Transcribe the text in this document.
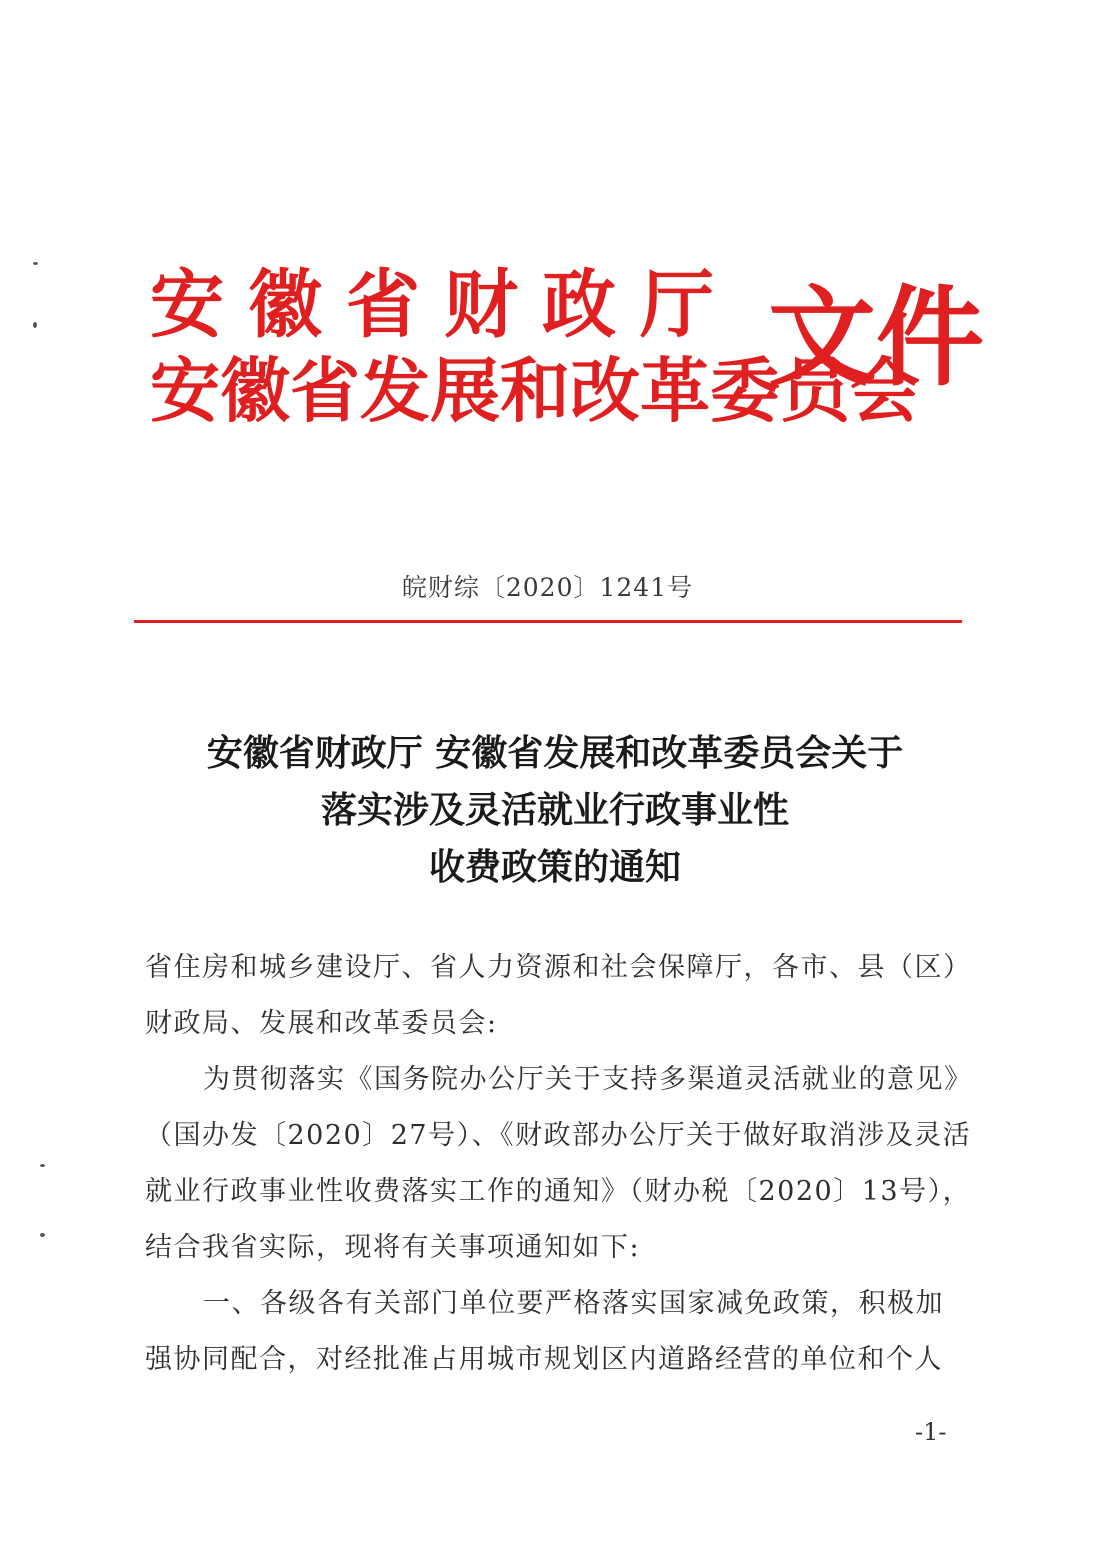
安徽省财政厅
安徽省发展和改革委员会
文件
皖财综〔2020〕1241号
安徽省财政厅 安徽省发展和改革委员会关于
落实涉及灵活就业行政事业性
收费政策的通知

省住房和城乡建设厅、省人力资源和社会保障厅，各市、县（区）

财政局、发展和改革委员会:

为贯彻落实《国务院办公厅关于支持多渠道灵活就业的意见》

（国办发〔2020〕27号）、《财政部办公厅关于做好取消涉及灵活

就业行政事业性收费落实工作的通知》（财办税〔2020〕13号），

结合我省实际，现将有关事项通知如下:

一、各级各有关部门单位要严格落实国家减免政策，积极加

强协同配合，对经批准占用城市规划区内道路经营的单位和个人

-1-
